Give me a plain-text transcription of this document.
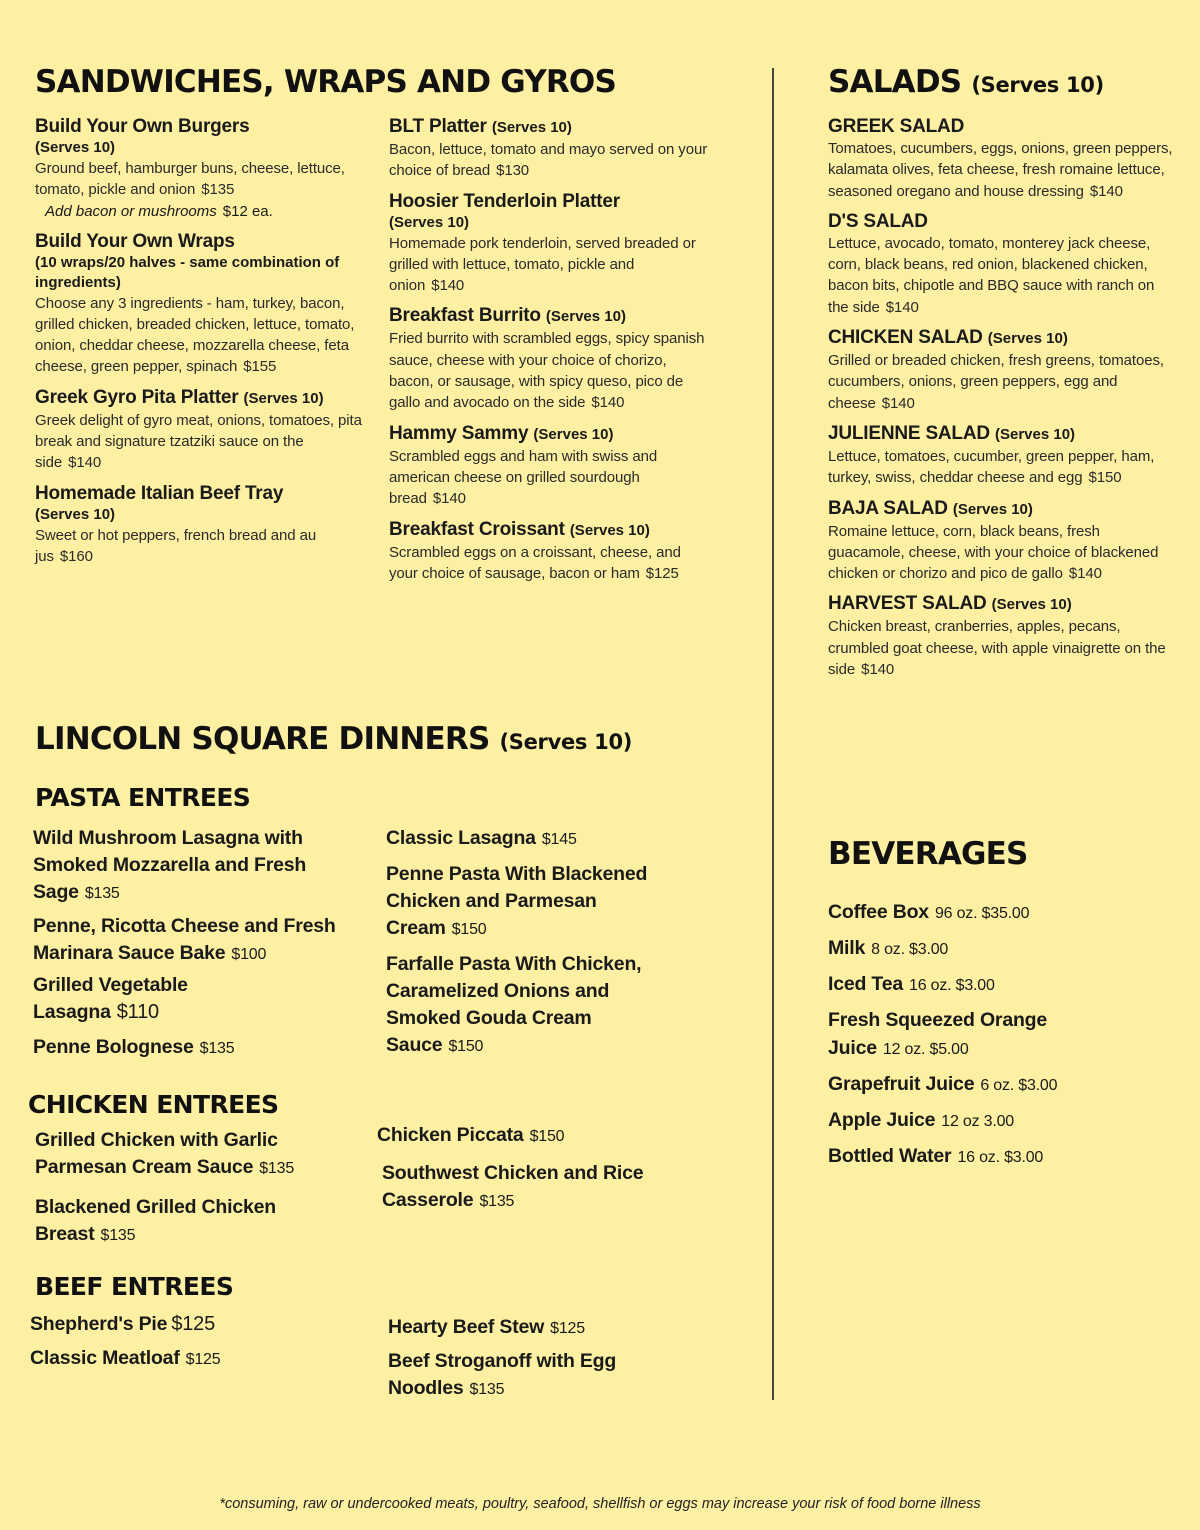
SANDWICHES, WRAPS AND GYROS
Build Your Own Burgers
(Serves 10)
Ground beef, hamburger buns, cheese, lettuce, tomato, pickle and onion $135
Add bacon or mushrooms $12 ea.
Build Your Own Wraps
(10 wraps/20 halves - same combination of ingredients)
Choose any 3 ingredients - ham, turkey, bacon, grilled chicken, breaded chicken, lettuce, tomato, onion, cheddar cheese, mozzarella cheese, feta cheese, green pepper, spinach $155
Greek Gyro Pita Platter (Serves 10)
Greek delight of gyro meat, onions, tomatoes, pita break and signature tzatziki sauce on the side $140
Homemade Italian Beef Tray
(Serves 10)
Sweet or hot peppers, french bread and au jus $160
BLT Platter (Serves 10)
Bacon, lettuce, tomato and mayo served on your choice of bread $130
Hoosier Tenderloin Platter
(Serves 10)
Homemade pork tenderloin, served breaded or grilled with lettuce, tomato, pickle and onion $140
Breakfast Burrito (Serves 10)
Fried burrito with scrambled eggs, spicy spanish sauce, cheese with your choice of chorizo, bacon, or sausage, with spicy queso, pico de gallo and avocado on the side $140
Hammy Sammy (Serves 10)
Scrambled eggs and ham with swiss and american cheese on grilled sourdough bread $140
Breakfast Croissant (Serves 10)
Scrambled eggs on a croissant, cheese, and your choice of sausage, bacon or ham $125
SALADS (Serves 10)
GREEK SALAD
Tomatoes, cucumbers, eggs, onions, green peppers, kalamata olives, feta cheese, fresh romaine lettuce, seasoned oregano and house dressing $140
D'S SALAD
Lettuce, avocado, tomato, monterey jack cheese, corn, black beans, red onion, blackened chicken, bacon bits, chipotle and BBQ sauce with ranch on the side $140
CHICKEN SALAD (Serves 10)
Grilled or breaded chicken, fresh greens, tomatoes, cucumbers, onions, green peppers, egg and cheese $140
JULIENNE SALAD (Serves 10)
Lettuce, tomatoes, cucumber, green pepper, ham, turkey, swiss, cheddar cheese and egg $150
BAJA SALAD (Serves 10)
Romaine lettuce, corn, black beans, fresh guacamole, cheese, with your choice of blackened chicken or chorizo and pico de gallo $140
HARVEST SALAD (Serves 10)
Chicken breast, cranberries, apples, pecans, crumbled goat cheese, with apple vinaigrette on the side $140
LINCOLN SQUARE DINNERS (Serves 10)
PASTA ENTREES
Wild Mushroom Lasagna with Smoked Mozzarella and Fresh Sage $135
Penne, Ricotta Cheese and Fresh Marinara Sauce Bake $100
Grilled Vegetable Lasagna $110
Penne Bolognese $135
Classic Lasagna $145
Penne Pasta With Blackened Chicken and Parmesan Cream $150
Farfalle Pasta With Chicken, Caramelized Onions and Smoked Gouda Cream Sauce $150
CHICKEN ENTREES
Grilled Chicken with Garlic Parmesan Cream Sauce $135
Blackened Grilled Chicken Breast $135
Chicken Piccata $150
Southwest Chicken and Rice Casserole $135
BEEF ENTREES
Shepherd's Pie $125
Classic Meatloaf $125
Hearty Beef Stew $125
Beef Stroganoff with Egg Noodles $135
BEVERAGES
Coffee Box 96 oz. $35.00
Milk 8 oz. $3.00
Iced Tea 16 oz. $3.00
Fresh Squeezed Orange Juice 12 oz. $5.00
Grapefruit Juice 6 oz. $3.00
Apple Juice 12 oz 3.00
Bottled Water 16 oz. $3.00
*consuming, raw or undercooked meats, poultry, seafood, shellfish or eggs may increase your risk of food borne illness
